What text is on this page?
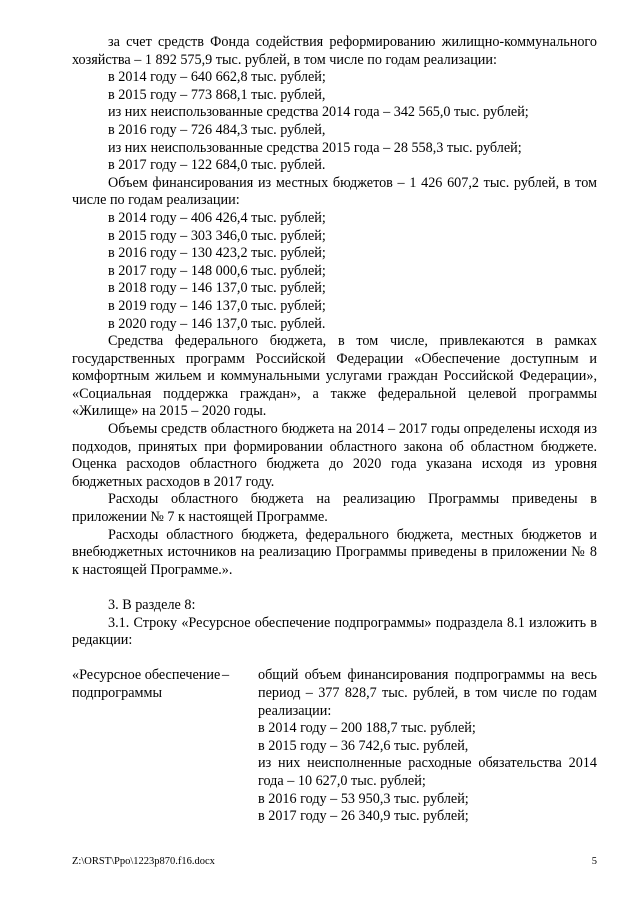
за счет средств Фонда содействия реформированию жилищно-коммунального хозяйства – 1 892 575,9 тыс. рублей, в том числе по годам реализации:

в 2014 году – 640 662,8 тыс. рублей;

в 2015 году – 773 868,1 тыс. рублей,

из них неиспользованные средства 2014 года – 342 565,0 тыс. рублей;

в 2016 году – 726 484,3 тыс. рублей,

из них неиспользованные средства 2015 года – 28 558,3 тыс. рублей;

в 2017 году – 122 684,0 тыс. рублей.

Объем финансирования из местных бюджетов – 1 426 607,2 тыс. рублей, в том числе по годам реализации:

в 2014 году – 406 426,4 тыс. рублей;

в 2015 году – 303 346,0 тыс. рублей;

в 2016 году – 130 423,2 тыс. рублей;

в 2017 году – 148 000,6 тыс. рублей;

в 2018 году – 146 137,0 тыс. рублей;

в 2019 году – 146 137,0 тыс. рублей;

в 2020 году – 146 137,0 тыс. рублей.

Средства федерального бюджета, в том числе, привлекаются в рамках государственных программ Российской Федерации «Обеспечение доступным и комфортным жильем и коммунальными услугами граждан Российской Федерации», «Социальная поддержка граждан», а также федеральной целевой программы «Жилище» на 2015 – 2020 годы.

Объемы средств областного бюджета на 2014 – 2017 годы определены исходя из подходов, принятых при формировании областного закона об областном бюджете. Оценка расходов областного бюджета до 2020 года указана исходя из уровня бюджетных расходов в 2017 году.

Расходы областного бюджета на реализацию Программы приведены в приложении № 7 к настоящей Программе.

Расходы областного бюджета, федерального бюджета, местных бюджетов и внебюджетных источников на реализацию Программы приведены в приложении № 8 к настоящей Программе.».

3. В разделе 8:

3.1. Строку «Ресурсное обеспечение подпрограммы» подраздела 8.1 изложить в редакции:

«Ресурсное обеспечение подпрограммы
–	общий объем финансирования подпрограммы на весь период – 377 828,7 тыс. рублей, в том числе по годам реализации:

в 2014 году – 200 188,7 тыс. рублей;

в 2015 году – 36 742,6 тыс. рублей,

из них неисполненные расходные обязательства 2014 года – 10 627,0 тыс. рублей;

в 2016 году – 53 950,3 тыс. рублей;

в 2017 году – 26 340,9 тыс. рублей;

Z:\ORST\Ppo\1223p870.f16.docx	5
